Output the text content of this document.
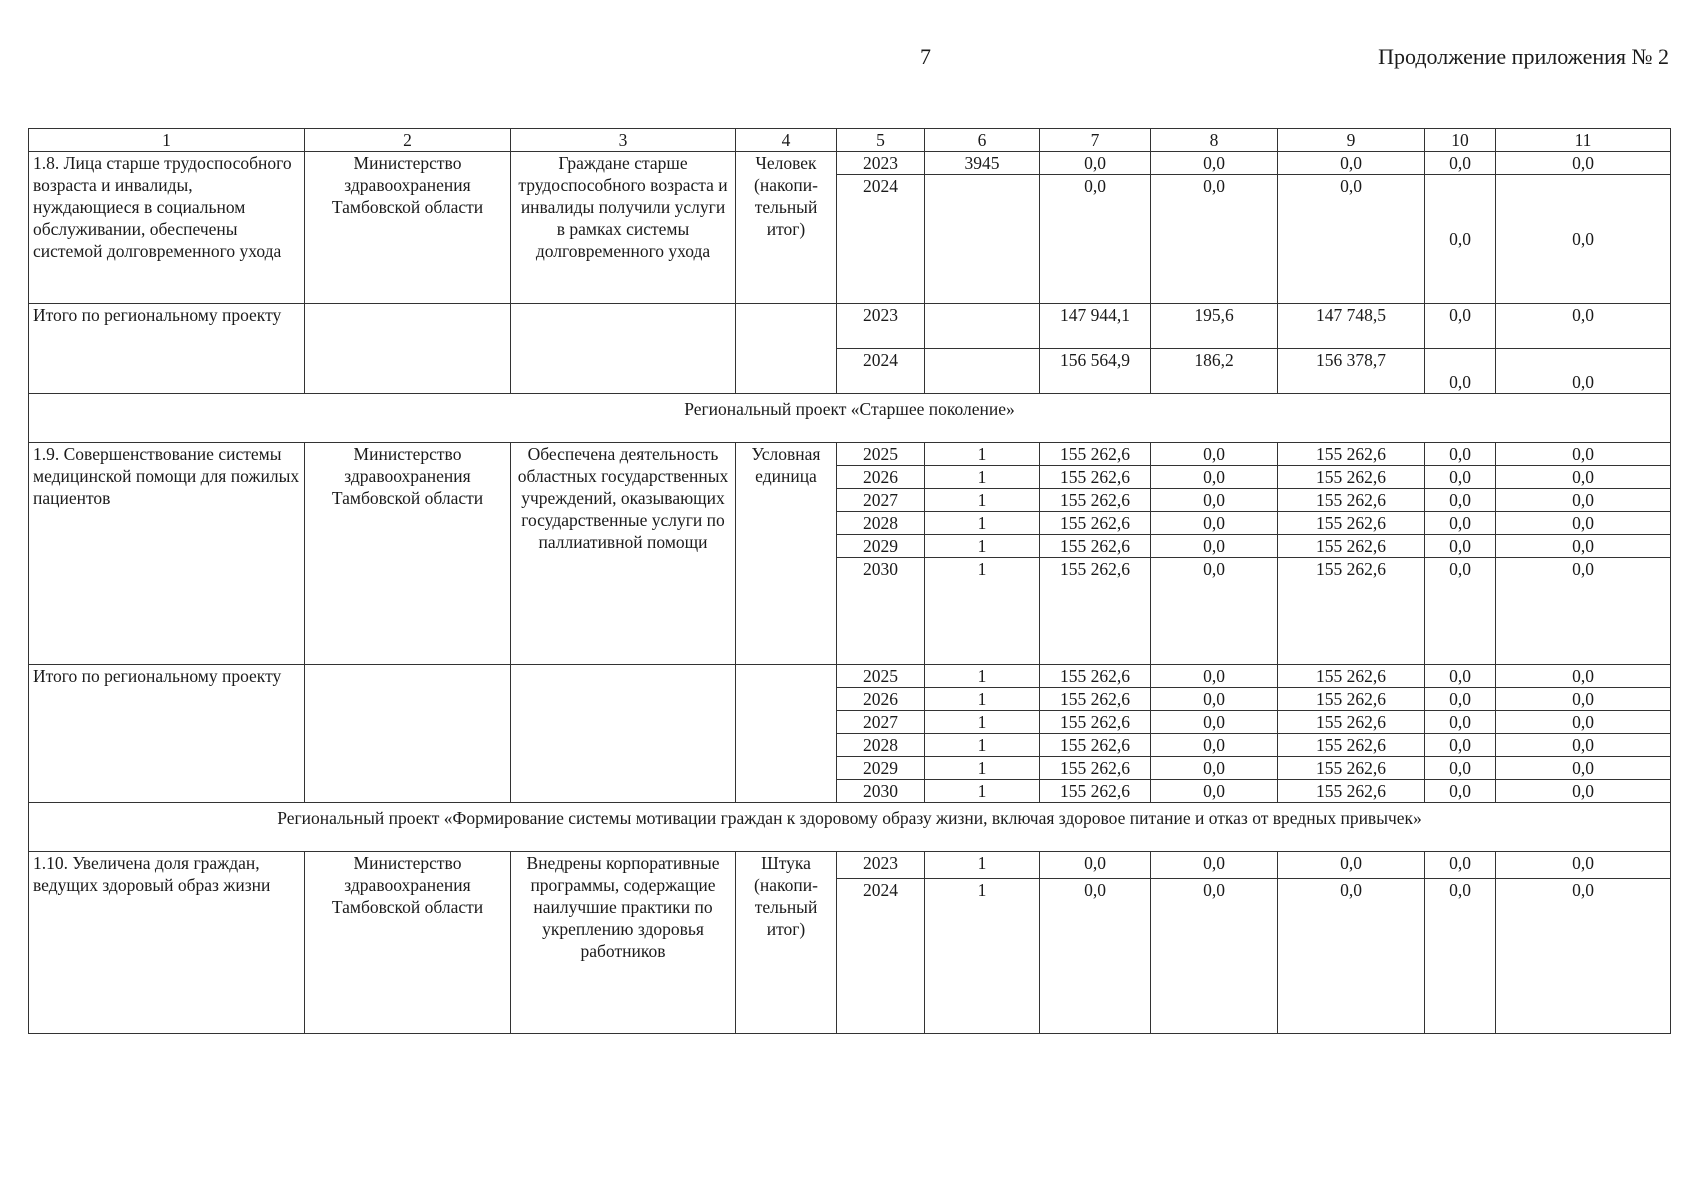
7	Продолжение приложения № 2
1	2	3	4	5	6	7	8	9	10	11
1.8. Лица старше трудоспособного возраста и инвалиды, нуждающиеся в социальном обслуживании, обеспечены системой долговременного ухода	Министерство здравоохранения Тамбовской области	Граждане старше трудоспособного возраста и инвалиды получили услуги в рамках системы долговременного ухода	Человек (накопи-тельный итог)	2023	3945	0,0	0,0	0,0	0,0	0,0
				2024		0,0	0,0	0,0	0,0	0,0
Итого по региональному проекту				2023		147 944,1	195,6	147 748,5	0,0	0,0
				2024		156 564,9	186,2	156 378,7	0,0	0,0
Региональный проект «Старшее поколение»										
1.9. Совершенствование системы медицинской помощи для пожилых пациентов	Министерство здравоохранения Тамбовской области	Обеспечена деятельность областных государственных учреждений, оказывающих государственные услуги по паллиативной помощи	Условная единица	2025	1	155 262,6	0,0	155 262,6	0,0	0,0
				2026	1	155 262,6	0,0	155 262,6	0,0	0,0
				2027	1	155 262,6	0,0	155 262,6	0,0	0,0
				2028	1	155 262,6	0,0	155 262,6	0,0	0,0
				2029	1	155 262,6	0,0	155 262,6	0,0	0,0
				2030	1	155 262,6	0,0	155 262,6	0,0	0,0
Итого по региональному проекту				2025	1	155 262,6	0,0	155 262,6	0,0	0,0
				2026	1	155 262,6	0,0	155 262,6	0,0	0,0
				2027	1	155 262,6	0,0	155 262,6	0,0	0,0
				2028	1	155 262,6	0,0	155 262,6	0,0	0,0
				2029	1	155 262,6	0,0	155 262,6	0,0	0,0
				2030	1	155 262,6	0,0	155 262,6	0,0	0,0
Региональный проект «Формирование системы мотивации граждан к здоровому образу жизни, включая здоровое питание и отказ от вредных привычек»										
1.10. Увеличена доля граждан, ведущих здоровый образ жизни	Министерство здравоохранения Тамбовской области	Внедрены корпоративные программы, содержащие наилучшие практики по укреплению здоровья работников	Штука (накопи-тельный итог)	2023	1	0,0	0,0	0,0	0,0	0,0
				2024	1	0,0	0,0	0,0	0,0	0,0
